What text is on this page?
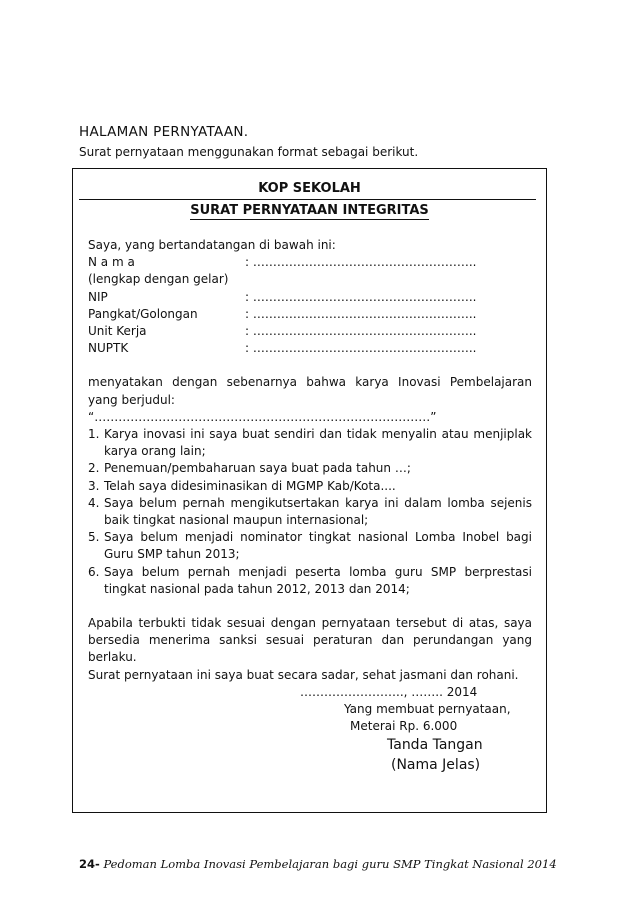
HALAMAN PERNYATAAN.
Surat pernyataan menggunakan format sebagai berikut.
KOP SEKOLAH
SURAT PERNYATAAN INTEGRITAS
Saya, yang bertandatangan di bawah ini:
N a m a	: ………………………………………………..
(lengkap dengan gelar)
NIP	: ………………………………………………..
Pangkat/Golongan	: ………………………………………………..
Unit Kerja	: ………………………………………………..
NUPTK	: ………………………………………………..
menyatakan dengan sebenarnya bahwa karya Inovasi Pembelajaran yang berjudul:
“…………………………………………………………………………”
1. Karya inovasi ini saya buat sendiri dan tidak menyalin atau menjiplak karya orang lain;
2. Penemuan/pembaharuan saya buat pada tahun …;
3. Telah saya didesiminasikan di MGMP Kab/Kota....
4. Saya belum pernah mengikutsertakan karya ini dalam lomba sejenis baik tingkat nasional maupun internasional;
5. Saya belum menjadi nominator tingkat nasional Lomba Inobel bagi Guru SMP tahun 2013;
6. Saya belum pernah menjadi peserta lomba guru SMP berprestasi tingkat nasional pada tahun 2012, 2013 dan 2014;
Apabila terbukti tidak sesuai dengan pernyataan tersebut di atas, saya bersedia menerima sanksi sesuai peraturan dan perundangan yang berlaku.
Surat pernyataan ini saya buat secara sadar, sehat jasmani dan rohani.
…………………….., …….. 2014
Yang membuat pernyataan,
Meterai Rp. 6.000
Tanda Tangan
(Nama Jelas)
24- Pedoman Lomba Inovasi Pembelajaran bagi guru SMP Tingkat Nasional 2014
